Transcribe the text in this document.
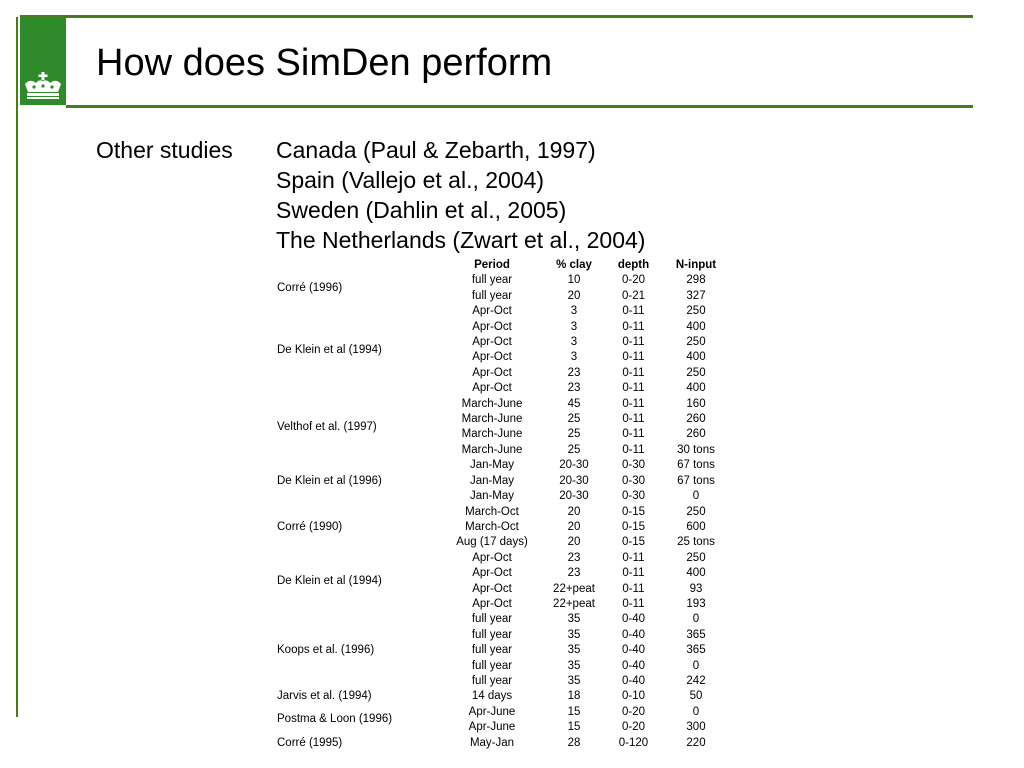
How does SimDen perform
Other studies Canada (Paul & Zebarth, 1997)
Spain (Vallejo et al., 2004)
Sweden (Dahlin et al., 2005)
The Netherlands (Zwart et al., 2004)
	Period	% clay	depth	N-input
Corré (1996)	full year	10	0-20	298
	full year	20	0-21	327
De Klein et al (1994)	Apr-Oct	3	0-11	250
	Apr-Oct	3	0-11	400
	Apr-Oct	3	0-11	250
	Apr-Oct	3	0-11	400
	Apr-Oct	23	0-11	250
	Apr-Oct	23	0-11	400
Velthof et al. (1997)	March-June	45	0-11	160
	March-June	25	0-11	260
	March-June	25	0-11	260
	March-June	25	0-11	30 tons
De Klein et al (1996)	Jan-May	20-30	0-30	67 tons
	Jan-May	20-30	0-30	67 tons
	Jan-May	20-30	0-30	0
Corré (1990)	March-Oct	20	0-15	250
	March-Oct	20	0-15	600
	Aug (17 days)	20	0-15	25 tons
De Klein et al (1994)	Apr-Oct	23	0-11	250
	Apr-Oct	23	0-11	400
	Apr-Oct	22+peat	0-11	93
	Apr-Oct	22+peat	0-11	193
Koops et al. (1996)	full year	35	0-40	0
	full year	35	0-40	365
	full year	35	0-40	365
	full year	35	0-40	0
	full year	35	0-40	242
Jarvis et al. (1994)	14 days	18	0-10	50
Postma & Loon (1996)	Apr-June	15	0-20	0
	Apr-June	15	0-20	300
Corré (1995)	May-Jan	28	0-120	220
